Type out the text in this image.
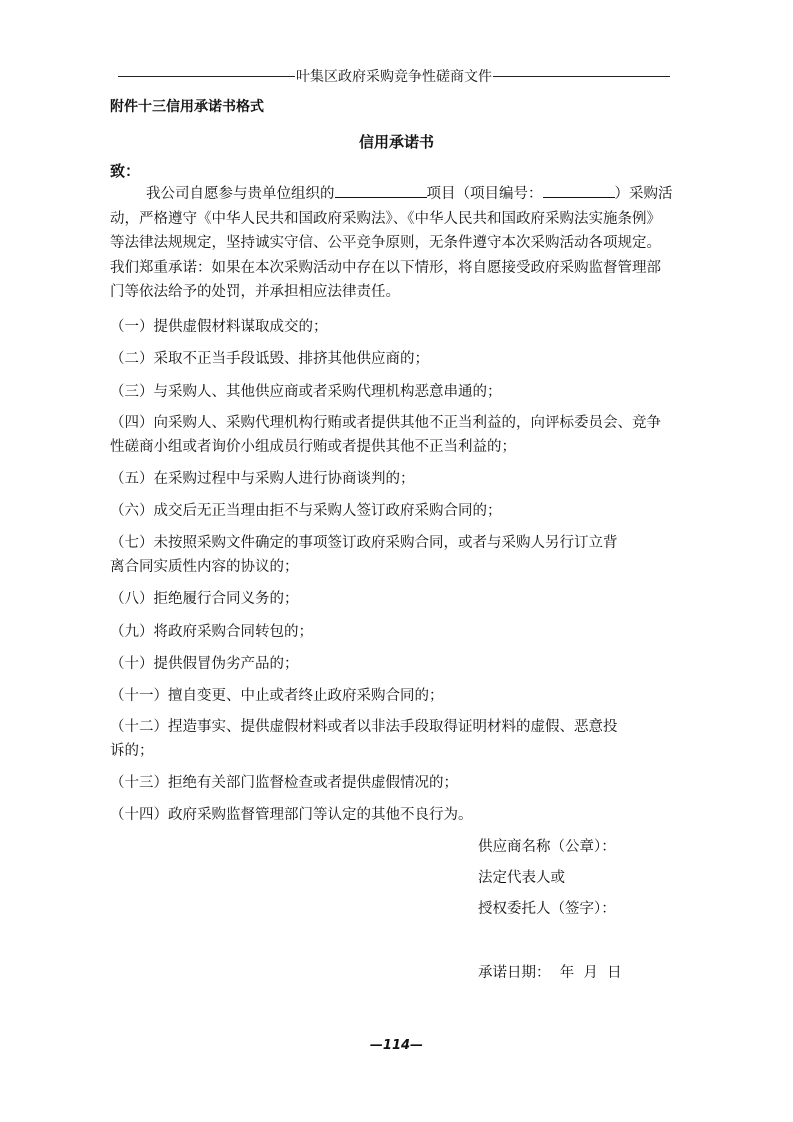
叶集区政府采购竞争性磋商文件
附件十三信用承诺书格式
信用承诺书
致：
我公司自愿参与贵单位组织的	项目（项目编号：	）采购活
动，严格遵守《中华人民共和国政府采购法》、《中华人民共和国政府采购法实施条例》
等法律法规规定，坚持诚实守信、公平竞争原则，无条件遵守本次采购活动各项规定。
我们郑重承诺：如果在本次采购活动中存在以下情形，将自愿接受政府采购监督管理部
门等依法给予的处罚，并承担相应法律责任。
（一）提供虚假材料谋取成交的；
（二）采取不正当手段诋毁、排挤其他供应商的；
（三）与采购人、其他供应商或者采购代理机构恶意串通的；
（四）向采购人、采购代理机构行贿或者提供其他不正当利益的，向评标委员会、竞争
性磋商小组或者询价小组成员行贿或者提供其他不正当利益的；
（五）在采购过程中与采购人进行协商谈判的；
（六）成交后无正当理由拒不与采购人签订政府采购合同的；
（七）未按照采购文件确定的事项签订政府采购合同，或者与采购人另行订立背
离合同实质性内容的协议的；
（八）拒绝履行合同义务的；
（九）将政府采购合同转包的；
（十）提供假冒伪劣产品的；
（十一）擅自变更、中止或者终止政府采购合同的；
（十二）捏造事实、提供虚假材料或者以非法手段取得证明材料的虚假、恶意投
诉的；
（十三）拒绝有关部门监督检查或者提供虚假情况的；
（十四）政府采购监督管理部门等认定的其他不良行为。
供应商名称（公章）：
法定代表人或
授权委托人（签字）：
承诺日期：  年  月  日
—114—
